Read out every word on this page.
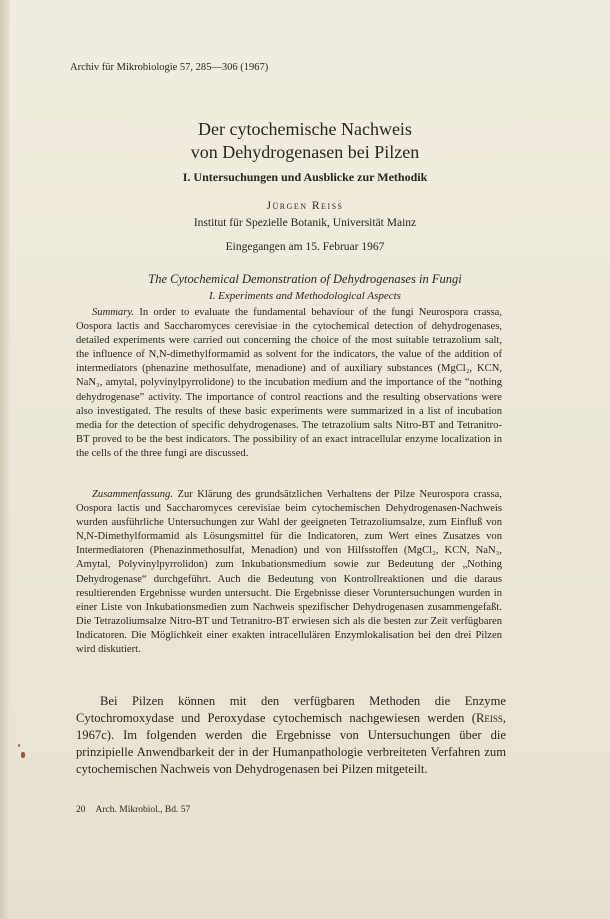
Archiv für Mikrobiologie 57, 285—306 (1967)
Der cytochemische Nachweis
von Dehydrogenasen bei Pilzen
I. Untersuchungen und Ausblicke zur Methodik
Jürgen Reiss
Institut für Spezielle Botanik, Universität Mainz
Eingegangen am 15. Februar 1967
The Cytochemical Demonstration of Dehydrogenases in Fungi
I. Experiments and Methodological Aspects

Summary. In order to evaluate the fundamental behaviour of the fungi Neurospora crassa, Oospora lactis and Saccharomyces cerevisiae in the cytochemical detection of dehydrogenases, detailed experiments were carried out concerning the choice of the most suitable tetrazolium salt, the influence of N,N-dimethylformamid as solvent for the indicators, the value of the addition of intermediators (phenazine methosulfate, menadione) and of auxiliary substances (MgCl₂, KCN, NaN₃, amytal, polyvinylpyrrolidone) to the incubation medium and the importance of the “nothing dehydrogenase” activity. The importance of control reactions and the resulting observations were also investigated. The results of these basic experiments were summarized in a list of incubation media for the detection of specific dehydrogenases. The tetrazolium salts Nitro-BT and Tetranitro-BT proved to be the best indicators. The possibility of an exact intracellular enzyme localization in the cells of the three fungi are discussed.

Zusammenfassung. Zur Klärung des grundsätzlichen Verhaltens der Pilze Neurospora crassa, Oospora lactis und Saccharomyces cerevisiae beim cytochemischen Dehydrogenasen-Nachweis wurden ausführliche Untersuchungen zur Wahl der geeigneten Tetrazoliumsalze, zum Einfluß von N,N-Dimethylformamid als Lösungsmittel für die Indicatoren, zum Wert eines Zusatzes von Intermediatoren (Phenazinmethosulfat, Menadion) und von Hilfsstoffen (MgCl₂, KCN, NaN₃, Amytal, Polyvinylpyrrolidon) zum Inkubationsmedium sowie zur Bedeutung der „Nothing Dehydrogenase“ durchgeführt. Auch die Bedeutung von Kontrollreaktionen und die daraus resultierenden Ergebnisse wurden untersucht. Die Ergebnisse dieser Voruntersuchungen wurden in einer Liste von Inkubationsmedien zum Nachweis spezifischer Dehydrogenasen zusammengefaßt. Die Tetrazoliumsalze Nitro-BT und Tetranitro-BT erwiesen sich als die besten zur Zeit verfügbaren Indicatoren. Die Möglichkeit einer exakten intracellulären Enzymlokalisation bei den drei Pilzen wird diskutiert.

Bei Pilzen können mit den verfügbaren Methoden die Enzyme Cytochromoxydase und Peroxydase cytochemisch nachgewiesen werden (Reiss, 1967c). Im folgenden werden die Ergebnisse von Untersuchungen über die prinzipielle Anwendbarkeit der in der Humanpathologie verbreiteten Verfahren zum cytochemischen Nachweis von Dehydrogenasen bei Pilzen mitgeteilt.

20 Arch. Mikrobiol., Bd. 57
